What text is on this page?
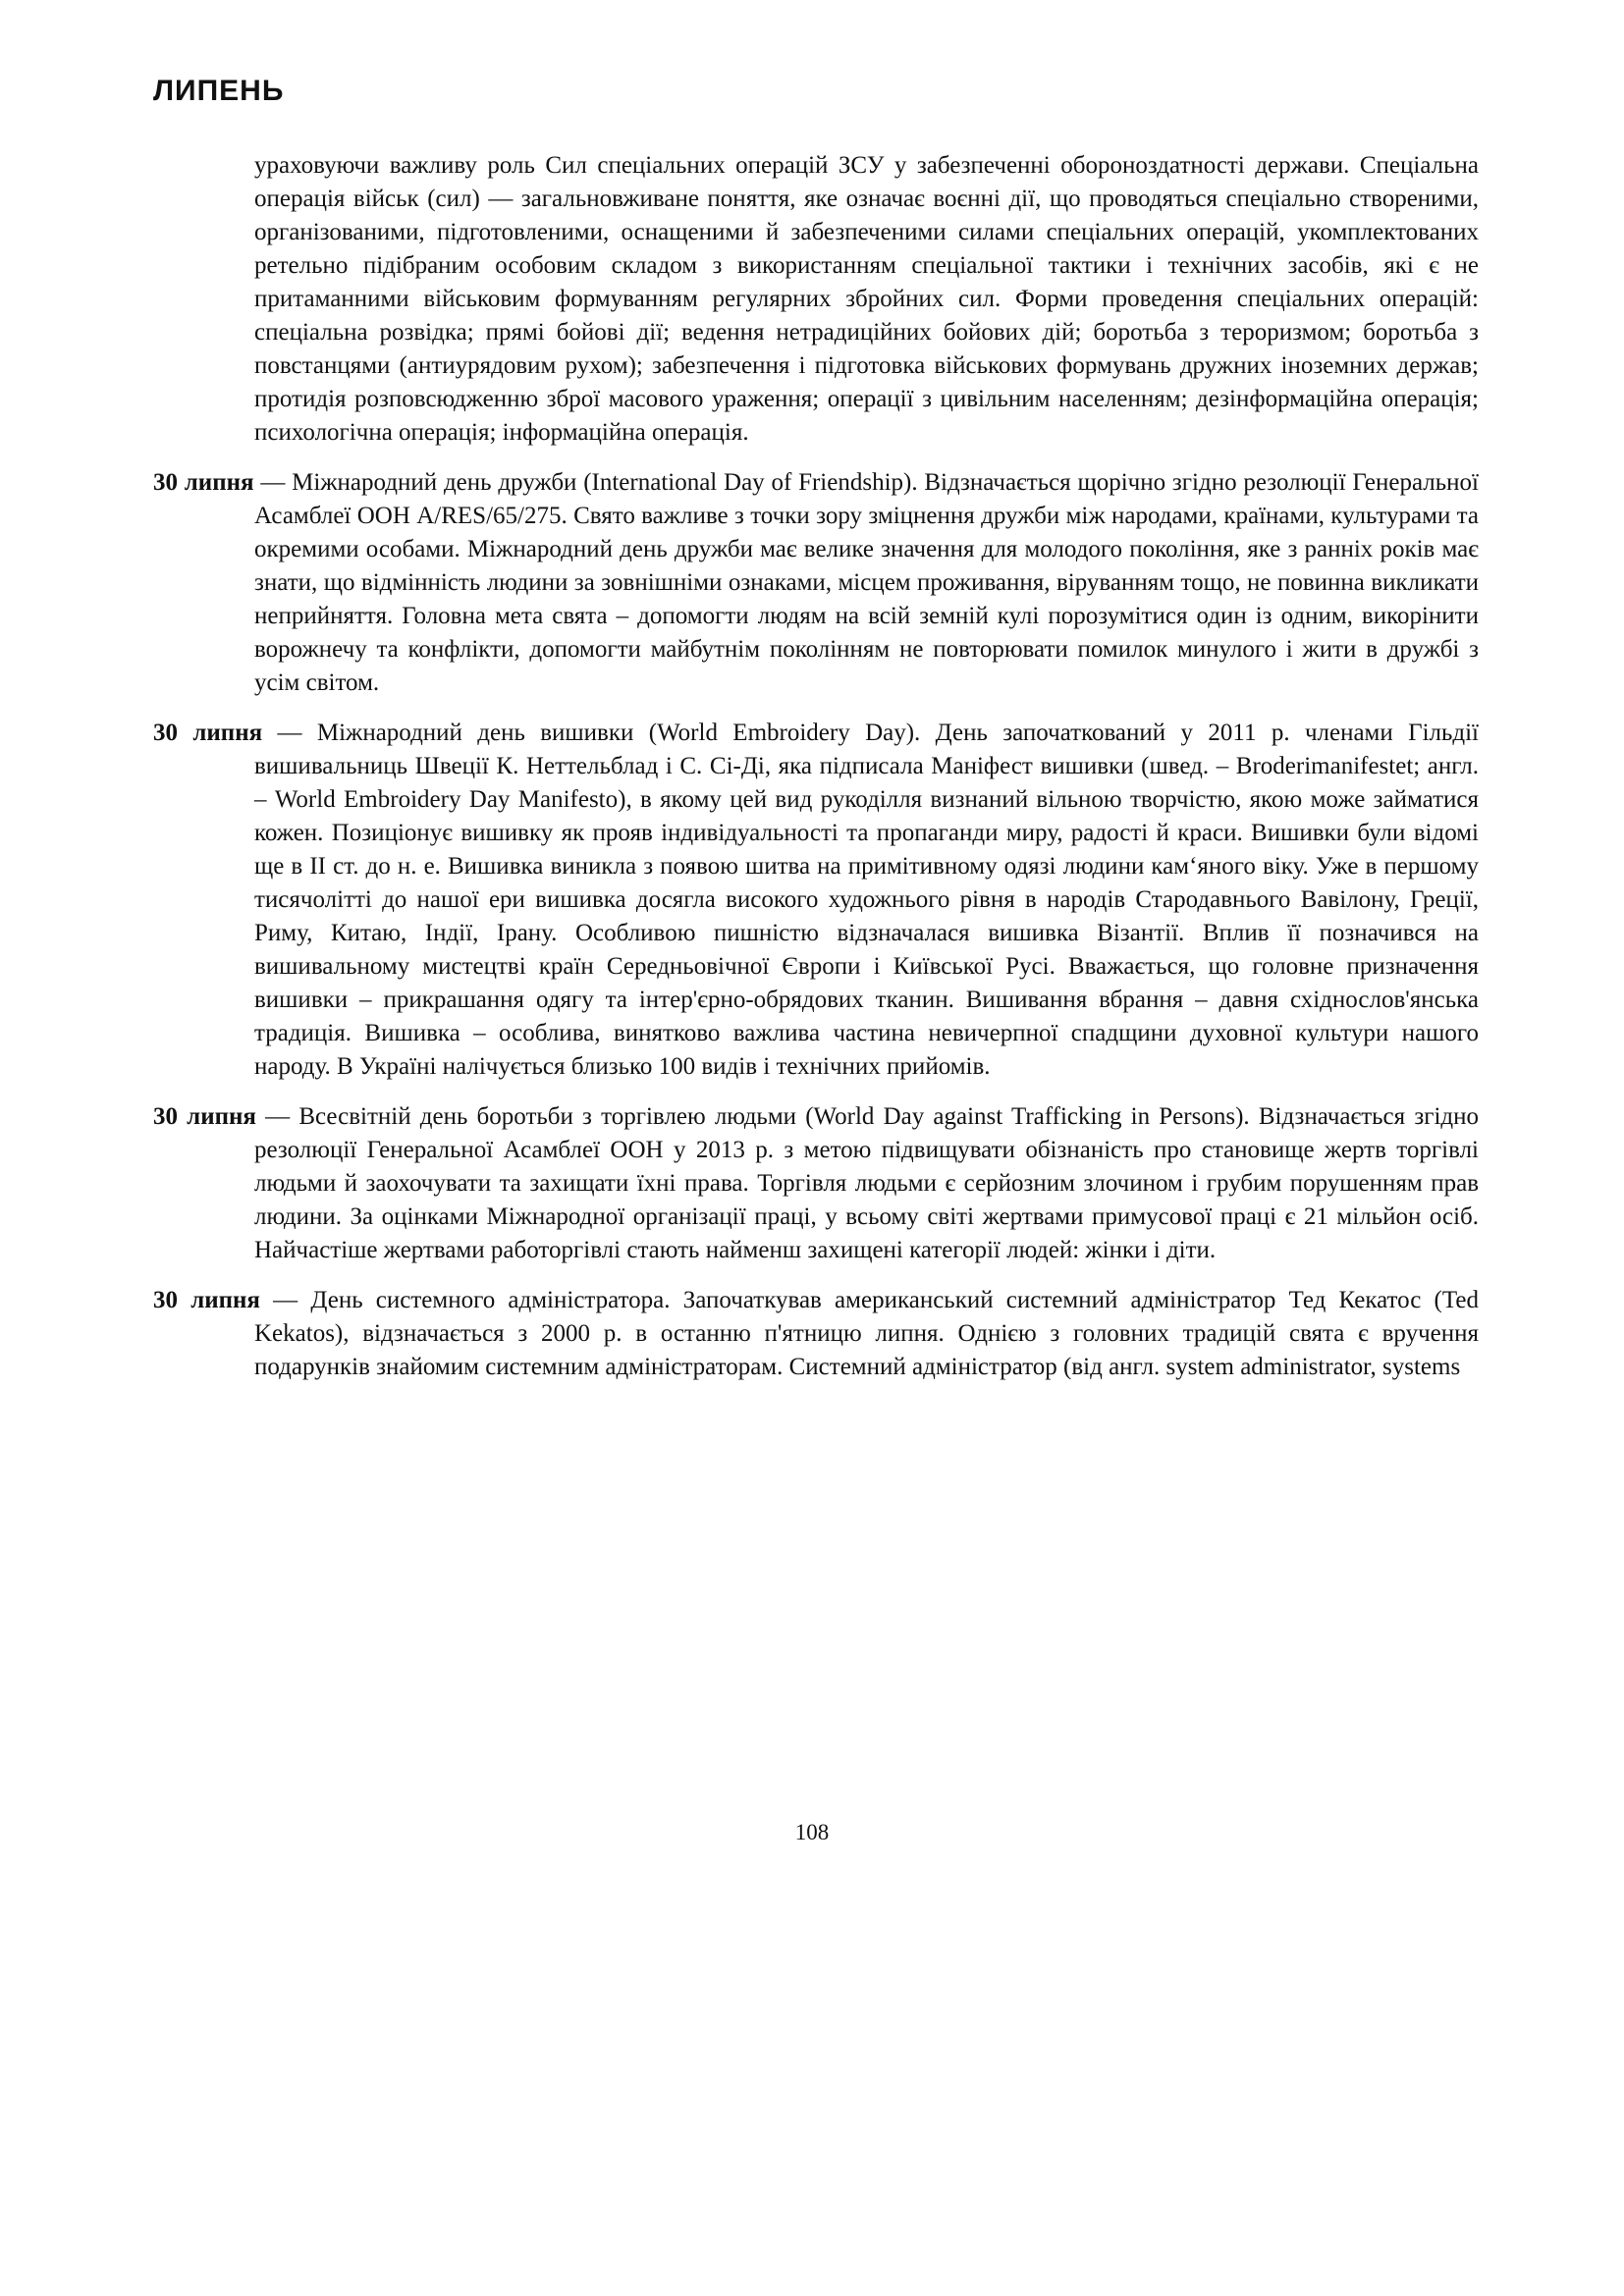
ЛИПЕНЬ

ураховуючи важливу роль Сил спеціальних операцій ЗСУ у забезпеченні обороноздатності держави. Спеціальна операція військ (сил) — загальновживане поняття, яке означає воєнні дії, що проводяться спеціально створеними, організованими, підготовленими, оснащеними й забезпеченими силами спеціальних операцій, укомплектованих ретельно підібраним особовим складом з використанням спеціальної тактики і технічних засобів, які є не притаманними військовим формуванням регулярних збройних сил. Форми проведення спеціальних операцій: спеціальна розвідка; прямі бойові дії; ведення нетрадиційних бойових дій; боротьба з тероризмом; боротьба з повстанцями (антиурядовим рухом); забезпечення і підготовка військових формувань дружних іноземних держав; протидія розповсюдженню зброї масового ураження; операції з цивільним населенням; дезінформаційна операція; психологічна операція; інформаційна операція.

30 липня — Міжнародний день дружби (International Day of Friendship). Відзначається щорічно згідно резолюції Генеральної Асамблеї ООН A/RES/65/275. Свято важливе з точки зору зміцнення дружби між народами, країнами, культурами та окремими особами. Міжнародний день дружби має велике значення для молодого покоління, яке з ранніх років має знати, що відмінність людини за зовнішніми ознаками, місцем проживання, віруванням тощо, не повинна викликати неприйняття. Головна мета свята – допомогти людям на всій земній кулі порозумітися один із одним, викорінити ворожнечу та конфлікти, допомогти майбутнім поколінням не повторювати помилок минулого і жити в дружбі з усім світом.

30 липня — Міжнародний день вишивки (World Embroidery Day). День започаткований у 2011 р. членами Гільдії вишивальниць Швеції К. Неттельблад і С. Сі-Ді, яка підписала Маніфест вишивки (швед. – Broderimanifestet; англ. – World Embroidery Day Manifesto), в якому цей вид рукоділля визнаний вільною творчістю, якою може займатися кожен. Позиціонує вишивку як прояв індивідуальності та пропаганди миру, радості й краси. Вишивки були відомі ще в II ст. до н. е. Вишивка виникла з появою шитва на примітивному одязі людини кам‘яного віку. Уже в першому тисячолітті до нашої ери вишивка досягла високого художнього рівня в народів Стародавнього Вавілону, Греції, Риму, Китаю, Індії, Ірану. Особливою пишністю відзначалася вишивка Візантії. Вплив її позначився на вишивальному мистецтві країн Середньовічної Європи і Київської Русі. Вважається, що головне призначення вишивки – прикрашання одягу та інтер'єрно-обрядових тканин. Вишивання вбрання – давня східнослов'янська традиція. Вишивка – особлива, винятково важлива частина невичерпної спадщини духовної культури нашого народу. В Україні налічується близько 100 видів і технічних прийомів.

30 липня — Всесвітній день боротьби з торгівлею людьми (World Day against Trafficking in Persons). Відзначається згідно резолюції Генеральної Асамблеї ООН у 2013 р. з метою підвищувати обізнаність про становище жертв торгівлі людьми й заохочувати та захищати їхні права. Торгівля людьми є серйозним злочином і грубим порушенням прав людини. За оцінками Міжнародної організації праці, у всьому світі жертвами примусової праці є 21 мільйон осіб. Найчастіше жертвами работоргівлі стають найменш захищені категорії людей: жінки і діти.

30 липня — День системного адміністратора. Започаткував американський системний адміністратор Тед Кекатос (Ted Kekatos), відзначається з 2000 р. в останню п'ятницю липня. Однією з головних традицій свята є вручення подарунків знайомим системним адміністраторам. Системний адміністратор (від англ. system administrator, systems

108
